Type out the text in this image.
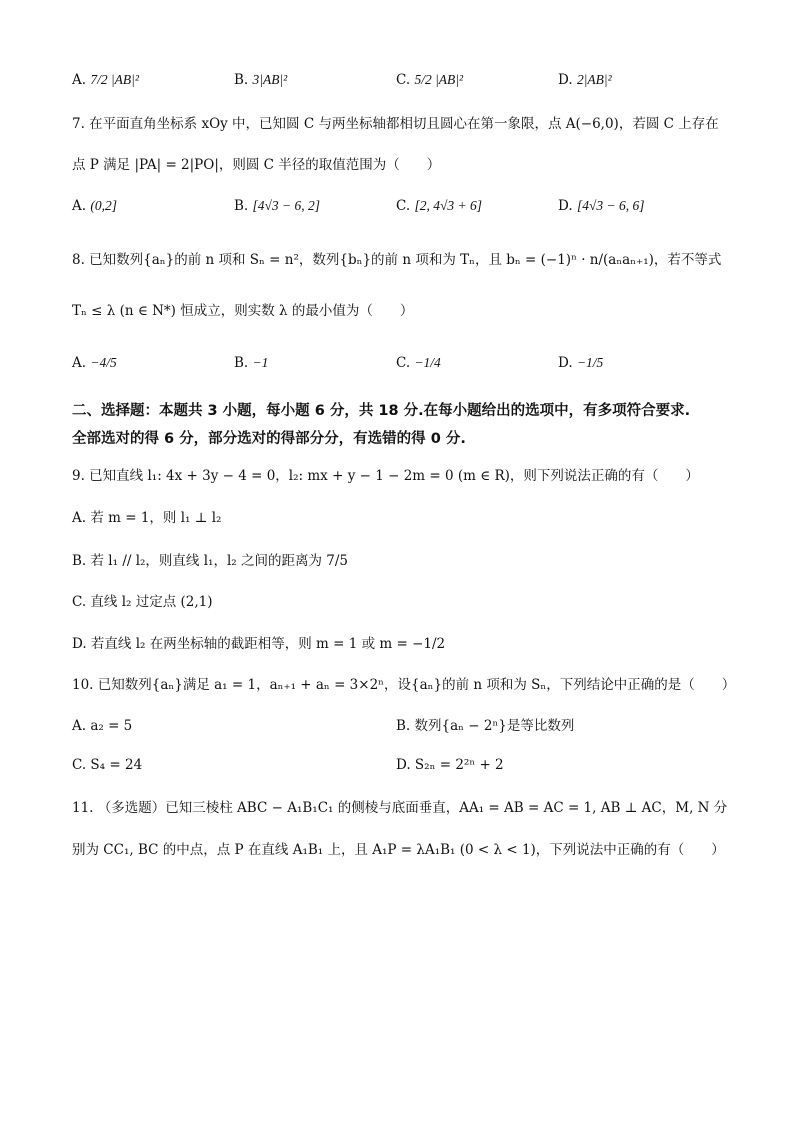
A. 7/2 |AB|²	B. 3|AB|²	C. 5/2 |AB|²	D. 2|AB|²
7. 在平面直角坐标系 xOy 中，已知圆 C 与两坐标轴都相切且圆心在第一象限，点 A(−6,0)，若圆 C 上存在
点 P 满足 |PA| = 2|PO|，则圆 C 半径的取值范围为（　　）
A. (0,2]	B. [4√3 − 6, 2]	C. [2, 4√3 + 6]	D. [4√3 − 6, 6]
8. 已知数列{aₙ}的前 n 项和 Sₙ = n²，数列{bₙ}的前 n 项和为 Tₙ，且 bₙ = (−1)ⁿ · n/(aₙaₙ₊₁)，若不等式
Tₙ ≤ λ (n ∈ N*) 恒成立，则实数 λ 的最小值为（　　）
A. −4/5	B. −1	C. −1/4	D. −1/5
二、选择题：本题共 3 小题，每小题 6 分，共 18 分.在每小题给出的选项中，有多项符合要求.
全部选对的得 6 分，部分选对的得部分分，有选错的得 0 分.
9. 已知直线 l₁: 4x + 3y − 4 = 0，l₂: mx + y − 1 − 2m = 0 (m ∈ R)，则下列说法正确的有（　　）
A. 若 m = 1，则 l₁ ⊥ l₂
B. 若 l₁ // l₂，则直线 l₁，l₂ 之间的距离为 7/5
C. 直线 l₂ 过定点 (2,1)
D. 若直线 l₂ 在两坐标轴的截距相等，则 m = 1 或 m = −1/2
10. 已知数列{aₙ}满足 a₁ = 1，aₙ₊₁ + aₙ = 3×2ⁿ，设{aₙ}的前 n 项和为 Sₙ，下列结论中正确的是（　　）
A. a₂ = 5	B. 数列{aₙ − 2ⁿ}是等比数列
C. S₄ = 24	D. S₂ₙ = 2²ⁿ + 2
11. （多选题）已知三棱柱 ABC − A₁B₁C₁ 的侧棱与底面垂直，AA₁ = AB = AC = 1, AB ⊥ AC，M, N 分
别为 CC₁, BC 的中点，点 P 在直线 A₁B₁ 上，且 A₁P = λA₁B₁ (0 < λ < 1)，下列说法中正确的有（　　）
